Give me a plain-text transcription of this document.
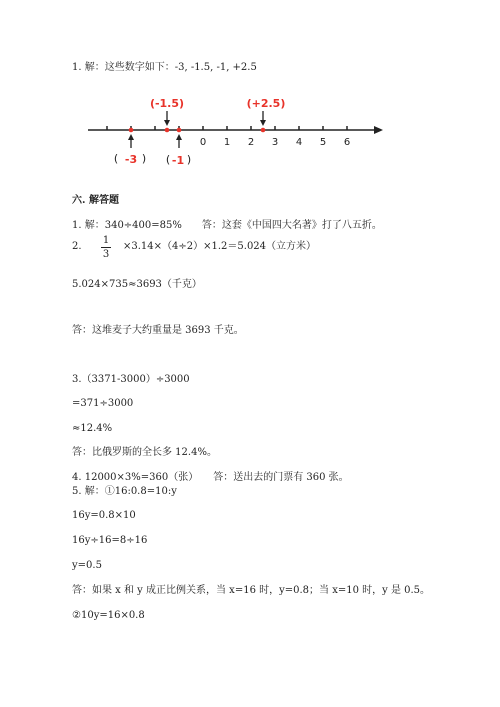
1. 解：这些数字如下：-3, -1.5, -1, +2.5
0 1 2 3 4 5 6
(-1.5)	(+2.5)
( -3 ) ( -1 )
六. 解答题
1. 解：340÷400=85%　　答：这套《中国四大名著》打了八五折。
2.
1
3
×3.14×（4÷2）×1.2＝5.024（立方米）
5.024×735≈3693（千克）
答：这堆麦子大约重量是 3693 千克。
3.（3371-3000）÷3000
=371÷3000
≈12.4%
答：比俄罗斯的全长多 12.4%。
4. 12000×3%=360（张）　　答：送出去的门票有 360 张。
5. 解：①16:0.8=10:y
16y=0.8×10
16y÷16=8÷16
y=0.5
答：如果 x 和 y 成正比例关系，当 x=16 时，y=0.8；当 x=10 时，y 是 0.5。
②10y=16×0.8
